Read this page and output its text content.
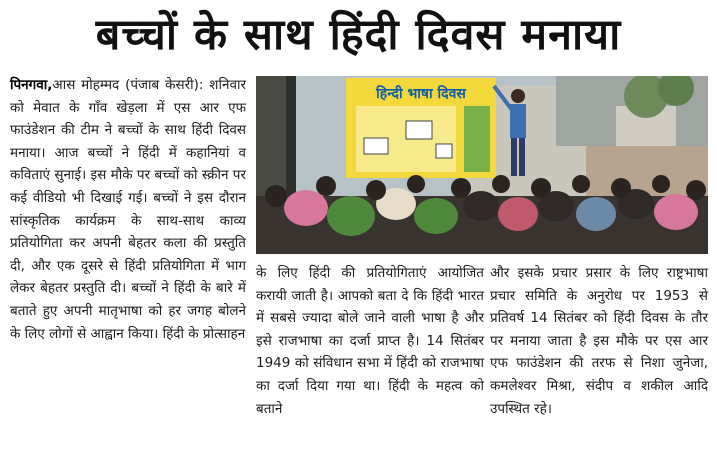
बच्चों के साथ हिंदी दिवस मनाया

पिनगवा,आस मोहम्मद (पंजाब केसरी): शनिवार को मेवात के गाँव खेड़ला में एस आर एफ फाउंडेशन की टीम ने बच्चों के साथ हिंदी दिवस मनाया। आज बच्चों ने हिंदी में कहानियां व कविताएं सुनाई। इस मौके पर बच्चों को स्क्रीन पर कई वीडियो भी दिखाई गई। बच्चों ने इस दौरान सांस्कृतिक कार्यक्रम के साथ-साथ काव्य प्रतियोगिता कर अपनी बेहतर कला की प्रस्तुति दी, और एक दूसरे से हिंदी प्रतियोगिता में भाग लेकर बेहतर प्रस्तुति दी। बच्चों ने हिंदी के बारे में बताते हुए अपनी मातृभाषा को हर जगह बोलने के लिए लोगों से आह्वान किया। हिंदी के प्रोत्साहन

हिन्दी भाषा दिवस

के लिए हिंदी की प्रतियोगिताएं आयोजित करायी जाती है। आपको बता दे कि हिंदी भारत में सबसे ज्यादा बोले जाने वाली भाषा है और इसे राजभाषा का दर्जा प्राप्त है। 14 सितंबर 1949 को संविधान सभा में हिंदी को राजभाषा का दर्जा दिया गया था। हिंदी के महत्व को बताने

और इसके प्रचार प्रसार के लिए राष्ट्रभाषा प्रचार समिति के अनुरोध पर 1953 से प्रतिवर्ष 14 सितंबर को हिंदी दिवस के तौर पर मनाया जाता है इस मौके पर एस आर एफ फाउंडेशन की तरफ से निशा जुनेजा, कमलेश्वर मिश्रा, संदीप व शकील आदि उपस्थित रहे।
